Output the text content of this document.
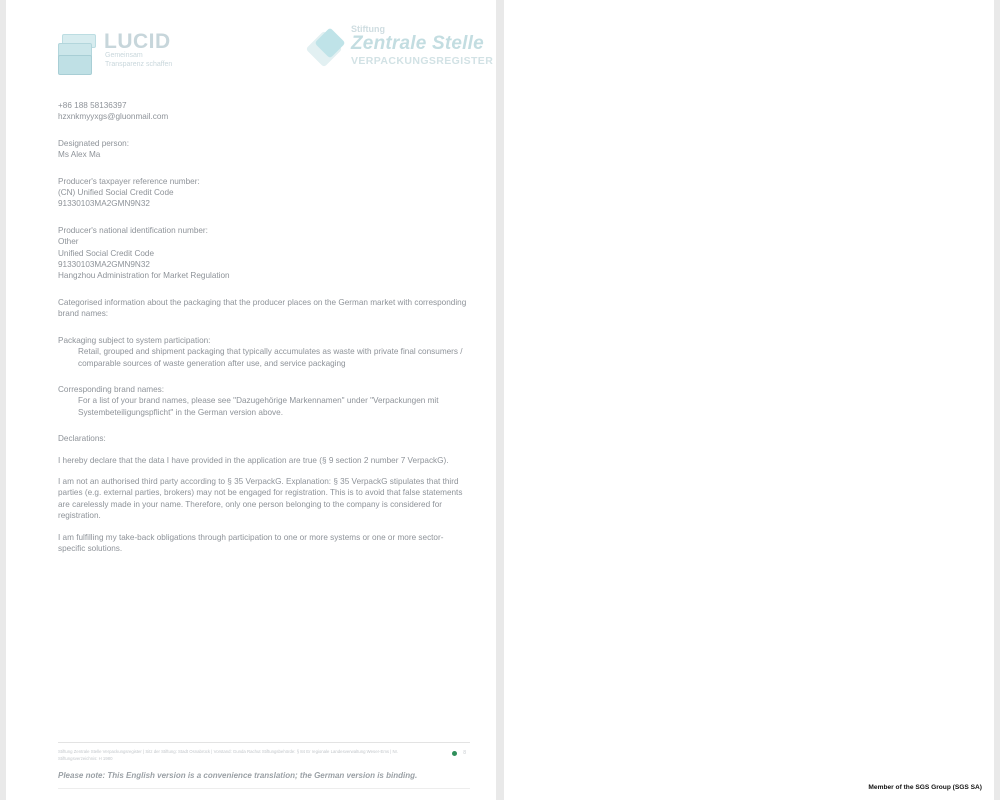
LUCID
Gemeinsam
Transparenz schaffen
Stiftung
Zentrale Stelle
VERPACKUNGSREGISTER

+86 188 58136397

hzxnkmyyxgs@gluonmail.com

Designated person:

Ms Alex Ma

Producer's taxpayer reference number:

(CN) Unified Social Credit Code

91330103MA2GMN9N32

Producer's national identification number:

Other

Unified Social Credit Code

91330103MA2GMN9N32

Hangzhou Administration for Market Regulation

Categorised information about the packaging that the producer places on the German market with corresponding brand names:

Packaging subject to system participation:

Retail, grouped and shipment packaging that typically accumulates as waste with private final consumers / comparable sources of waste generation after use, and service packaging

Corresponding brand names:

For a list of your brand names, please see "Dazugehörige Markennamen" under "Verpackungen mit Systembeteiligungspflicht" in the German version above.

Declarations:

I hereby declare that the data I have provided in the application are true (§ 9 section 2 number 7 VerpackG).

I am not an authorised third party according to § 35 VerpackG. Explanation: § 35 VerpackG stipulates that third parties (e.g. external parties, brokers) may not be engaged for registration. This is to avoid that false statements are carelessly made in your name. Therefore, only one person belonging to the company is considered for registration.

I am fulfilling my take-back obligations through participation to one or more systems or one or more sector-specific solutions.

Stiftung Zentrale Stelle Verpackungsregister | Sitz der Stiftung: Stadt Osnabrück | Vorstand: Gunda Rachut Stiftungsbehörde: § 84 Er regionale Landesverwaltung Weser-Ems | Nr. Stiftungsverzeichnis: H 1980
8
Please note: This English version is a convenience translation; the German version is binding.

Member of the SGS Group (SGS SA)
